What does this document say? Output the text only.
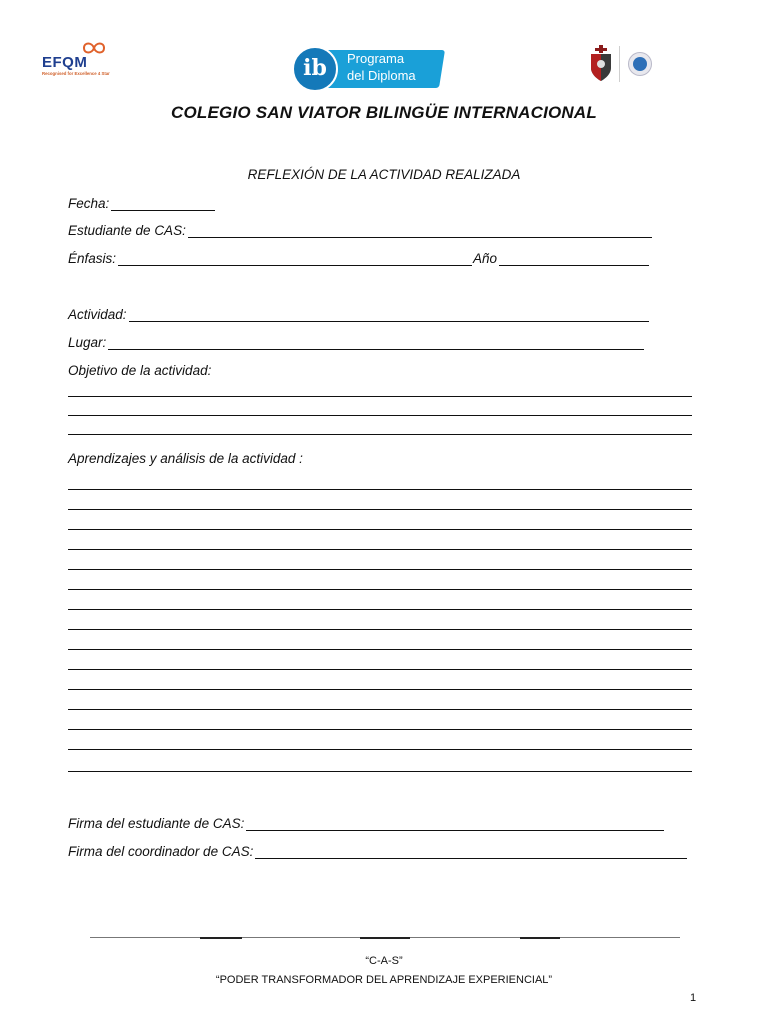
EFQM
Recognised for Excellence 4 Star	ib Programa
del Diploma
COLEGIO SAN VIATOR BILINGÜE INTERNACIONAL
REFLEXIÓN DE LA ACTIVIDAD REALIZADA
Fecha:
Estudiante de CAS:
Énfasis:	Año
Actividad:
Lugar:
Objetivo de la actividad:
Aprendizajes y análisis de la actividad :
Firma del estudiante de CAS:
Firma del coordinador de CAS:
“C-A-S”
“PODER TRANSFORMADOR DEL APRENDIZAJE EXPERIENCIAL”
1
